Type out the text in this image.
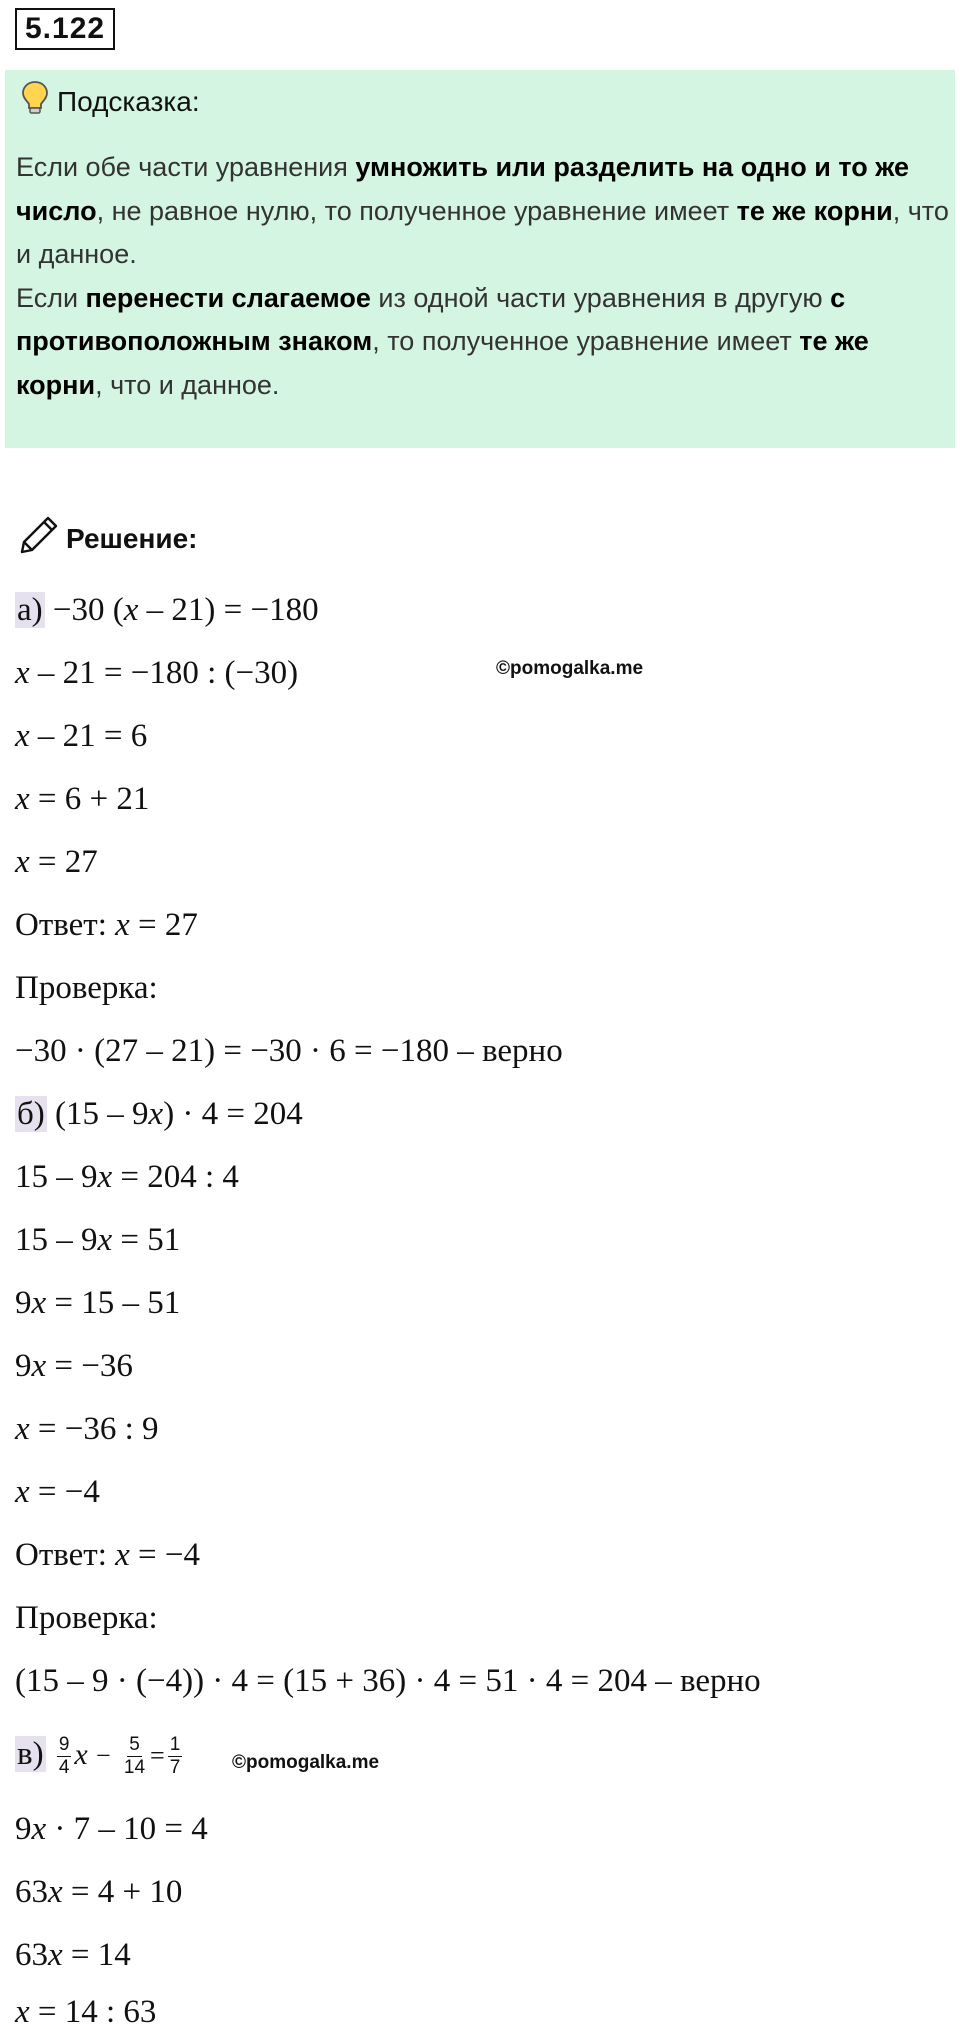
5.122
Подсказка:
Если обе части уравнения умножить или разделить на одно и то же число, не равное нулю, то полученное уравнение имеет те же корни, что и данное.
Если перенести слагаемое из одной части уравнения в другую с противоположным знаком, то полученное уравнение имеет те же корни, что и данное.
Решение:
©pomogalka.me
©pomogalka.me
а) −30 (x – 21) = −180
x – 21 = −180 : (−30)
x – 21 = 6
x = 6 + 21
x = 27
Ответ: x = 27
Проверка:
−30 · (27 – 21) = −30 · 6 = −180 – верно
б) (15 – 9x) · 4 = 204
15 – 9x = 204 : 4
15 – 9x = 51
9x = 15 – 51
9x = −36
x = −36 : 9
x = −4
Ответ: x = −4
Проверка:
(15 – 9 · (−4)) · 4 = (15 + 36) · 4 = 51 · 4 = 204 – верно
$в) \frac{9}{4}$ $x - \frac{5}{14} = \frac{1}{7}$
9x · 7 – 10 = 4
63x = 4 + 10
63x = 14
x = 14 : 63
